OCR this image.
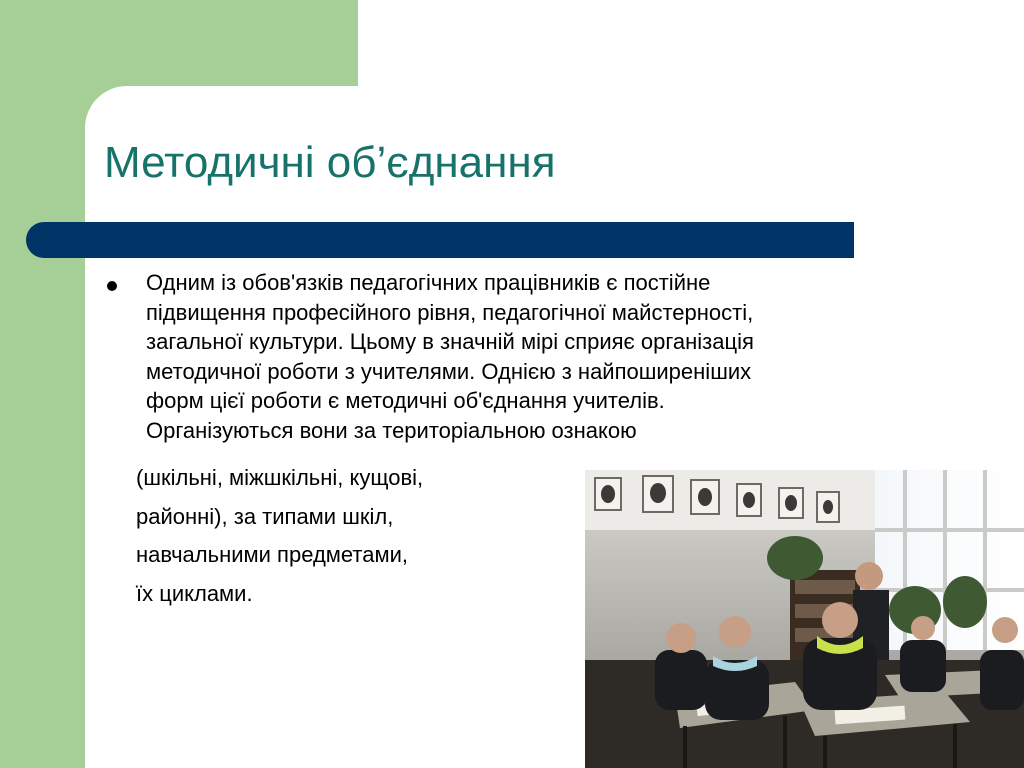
Методичні об’єднання

Одним із обов'язків педагогічних працівників є постійне
підвищення професійного рівня, педагогічної майстерності,
загальної культури. Цьому в значній мірі сприяє організація
методичної роботи з учителями. Однією з найпоширеніших
форм цієї роботи є методичні об'єднання учителів.
Організуються вони за територіальною ознакою

(шкільні, міжшкільні, кущові,
районні), за типами шкіл,
навчальними предметами,
їх циклами.
